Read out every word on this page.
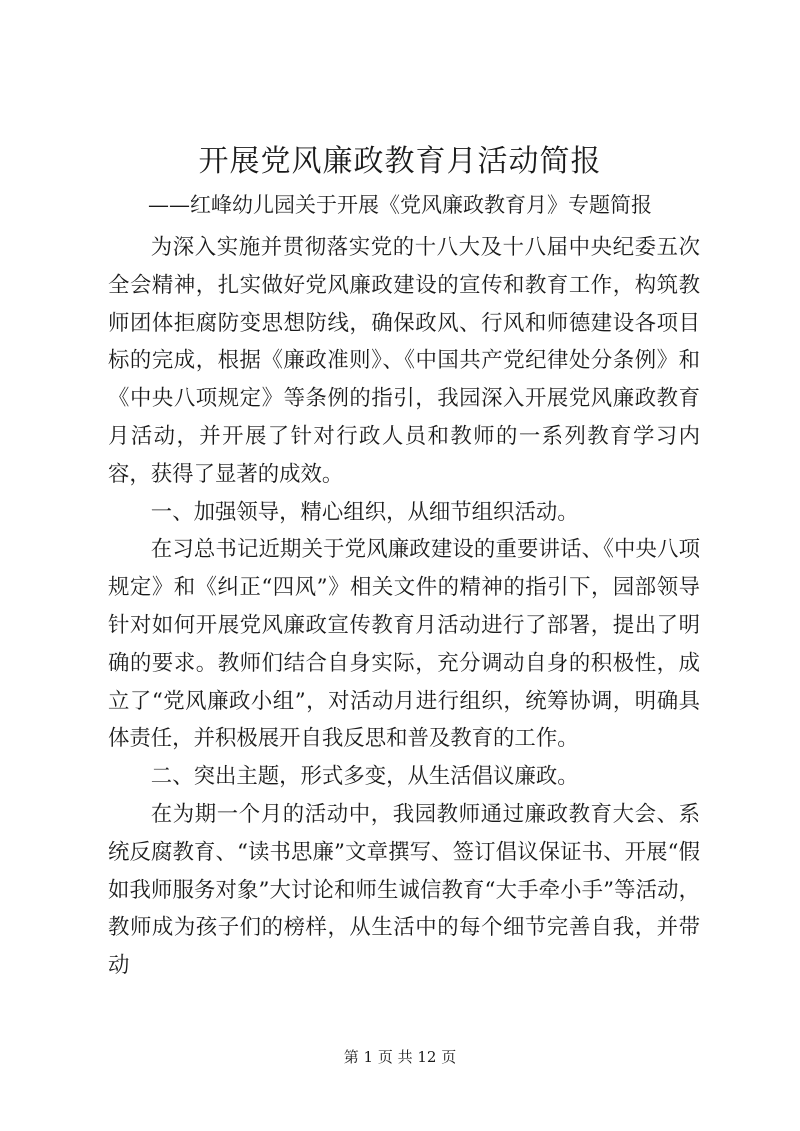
开展党风廉政教育月活动简报
——红峰幼儿园关于开展《党风廉政教育月》专题简报

为深入实施并贯彻落实党的十八大及十八届中央纪委五次全会精神，扎实做好党风廉政建设的宣传和教育工作，构筑教师团体拒腐防变思想防线，确保政风、行风和师德建设各项目标的完成，根据《廉政准则》、《中国共产党纪律处分条例》和《中央八项规定》等条例的指引，我园深入开展党风廉政教育月活动，并开展了针对行政人员和教师的一系列教育学习内容，获得了显著的成效。

一、加强领导，精心组织，从细节组织活动。

在习总书记近期关于党风廉政建设的重要讲话、《中央八项规定》和《纠正“四风”》相关文件的精神的指引下，园部领导针对如何开展党风廉政宣传教育月活动进行了部署，提出了明确的要求。教师们结合自身实际，充分调动自身的积极性，成立了“党风廉政小组”，对活动月进行组织，统筹协调，明确具体责任，并积极展开自我反思和普及教育的工作。

二、突出主题，形式多变，从生活倡议廉政。

在为期一个月的活动中，我园教师通过廉政教育大会、系统反腐教育、“读书思廉”文章撰写、签订倡议保证书、开展“假如我师服务对象”大讨论和师生诚信教育“大手牵小手”等活动，教师成为孩子们的榜样，从生活中的每个细节完善自我，并带动

第 1 页 共 12 页
